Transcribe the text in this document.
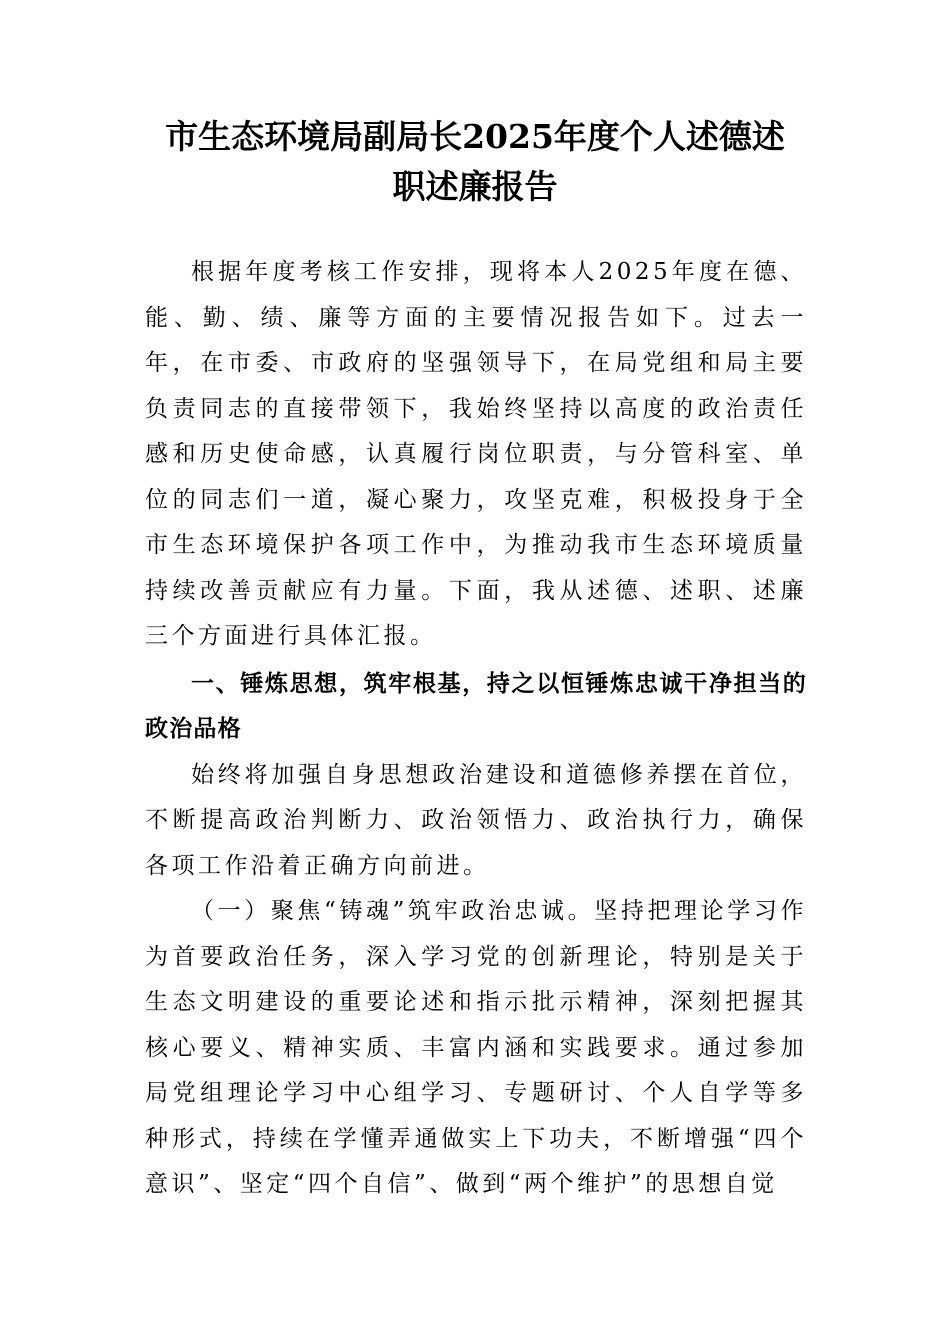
市生态环境局副局长2025年度个人述德述
职述廉报告

根据年度考核工作安排，现将本人2025年度在德、能、勤、绩、廉等方面的主要情况报告如下。过去一年，在市委、市政府的坚强领导下，在局党组和局主要负责同志的直接带领下，我始终坚持以高度的政治责任感和历史使命感，认真履行岗位职责，与分管科室、单位的同志们一道，凝心聚力，攻坚克难，积极投身于全市生态环境保护各项工作中，为推动我市生态环境质量持续改善贡献应有力量。下面，我从述德、述职、述廉三个方面进行具体汇报。

一、锤炼思想，筑牢根基，持之以恒锤炼忠诚干净担当的政治品格

始终将加强自身思想政治建设和道德修养摆在首位，不断提高政治判断力、政治领悟力、政治执行力，确保各项工作沿着正确方向前进。

（一）聚焦“铸魂”筑牢政治忠诚。坚持把理论学习作为首要政治任务，深入学习党的创新理论，特别是关于生态文明建设的重要论述和指示批示精神，深刻把握其核心要义、精神实质、丰富内涵和实践要求。通过参加局党组理论学习中心组学习、专题研讨、个人自学等多种形式，持续在学懂弄通做实上下功夫，不断增强“四个意识”、坚定“四个自信”、做到“两个维护”的思想自觉
